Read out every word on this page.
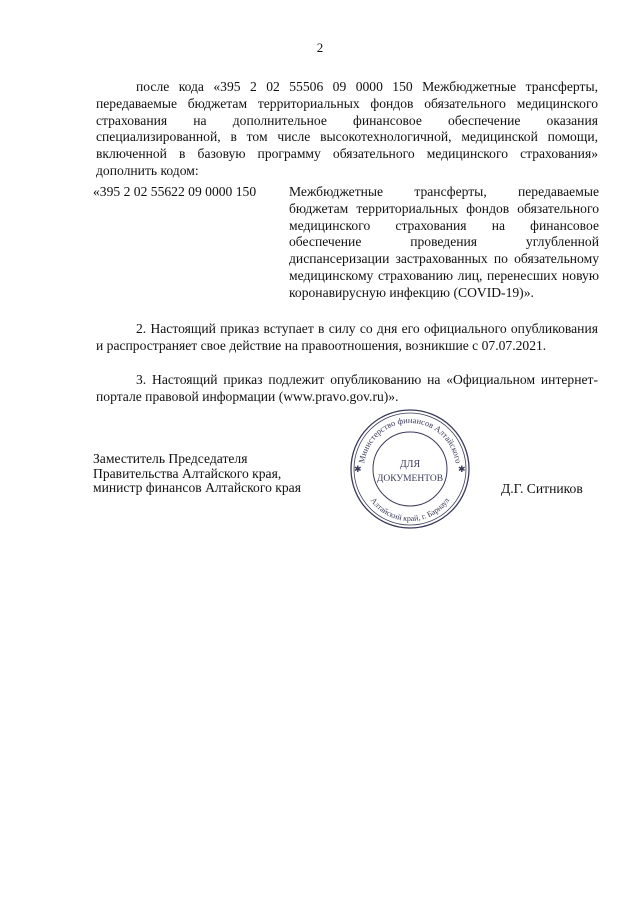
2
после кода «395 2 02 55506 09 0000 150 Межбюджетные трансферты, передаваемые бюджетам территориальных фондов обязательного медицинского страхования на дополнительное финансовое обеспечение оказания специализированной, в том числе высокотехнологичной, медицинской помощи, включенной в базовую программу обязательного медицинского страхования» дополнить кодом:
«395 2 02 55622 09 0000 150 Межбюджетные трансферты, передаваемые бюджетам территориальных фондов обязательного медицинского страхования на финансовое обеспечение проведения углубленной диспансеризации застрахованных по обязательному медицинскому страхованию лиц, перенесших новую коронавирусную инфекцию (COVID-19)».
2. Настоящий приказ вступает в силу со дня его официального опубликования и распространяет свое действие на правоотношения, возникшие с 07.07.2021.
3. Настоящий приказ подлежит опубликованию на «Официальном интернет-портале правовой информации (www.pravo.gov.ru)».
Заместитель Председателя
Правительства Алтайского края,
министр финансов Алтайского края
Министерство финансов Алтайского
Алтайский край, г. Барнаул
✱	✱
ДЛЯ
ДОКУМЕНТОВ
Д.Г. Ситников
